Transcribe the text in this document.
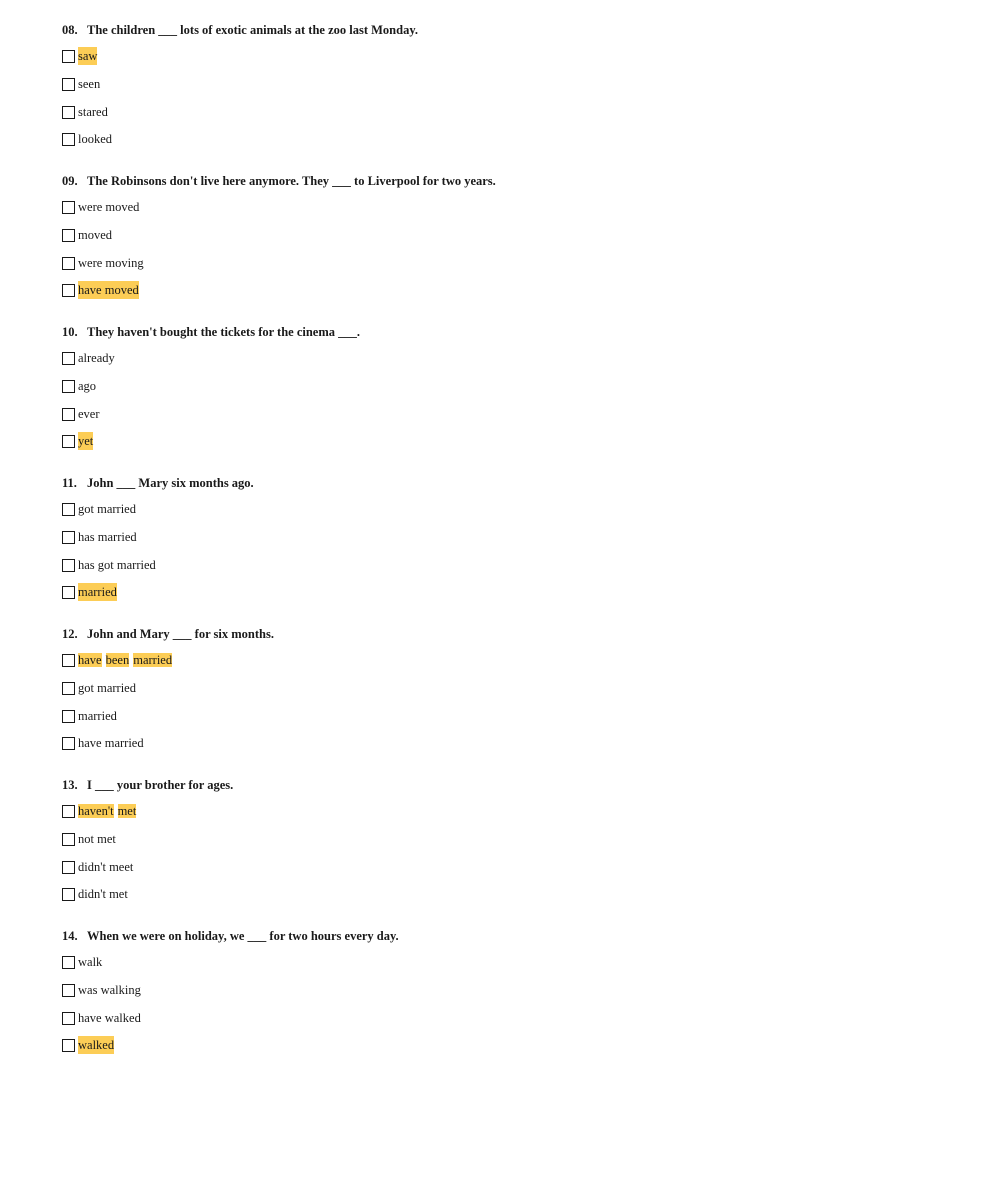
08. The children ___ lots of exotic animals at the zoo last Monday.
saw
seen
stared
looked
09. The Robinsons don't live here anymore. They ___ to Liverpool for two years.
were moved
moved
were moving
have moved
10. They haven't bought the tickets for the cinema ___.
already
ago
ever
yet
11. John ___ Mary six months ago.
got married
has married
has got married
married
12. John and Mary ___ for six months.
have been married
got married
married
have married
13. I ___ your brother for ages.
haven't met
not met
didn't meet
didn't met
14. When we were on holiday, we ___ for two hours every day.
walk
was walking
have walked
walked
